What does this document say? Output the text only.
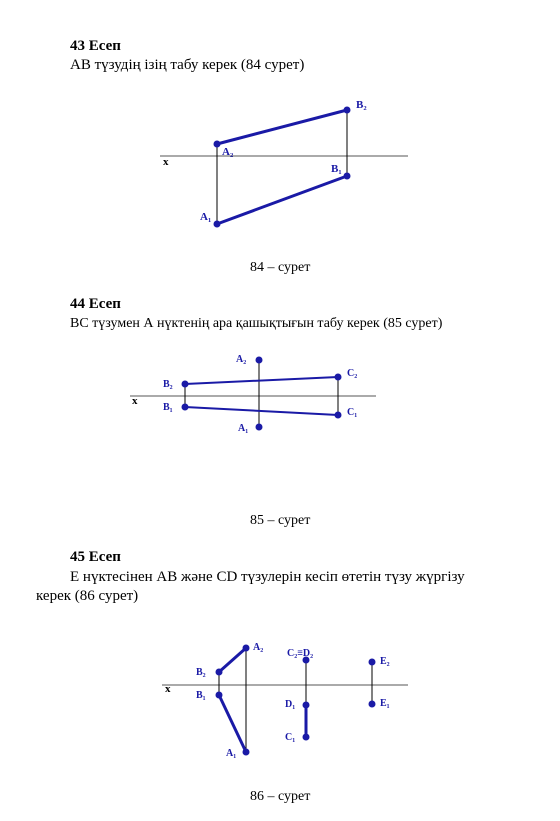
43 Есеп
АВ түзудің ізің табу керек (84 сурет)
x
A₂
B₂
A₁
B₁
84 – сурет
44 Есеп
ВС түзумен А нүктенің ара қашықтығын табу керек (85 сурет)
x
A₂
B₂
C₂
B₁
A₁
C₁
85 – сурет
45 Есеп
Е нүктесінен АВ және СD түзулерін кесіп өтетін түзу жүргізу
керек (86 сурет)
x
A₂
B₂
C₂≡D₂
E₂
B₁
D₁	E₁
C₁
A₁
86 – сурет
